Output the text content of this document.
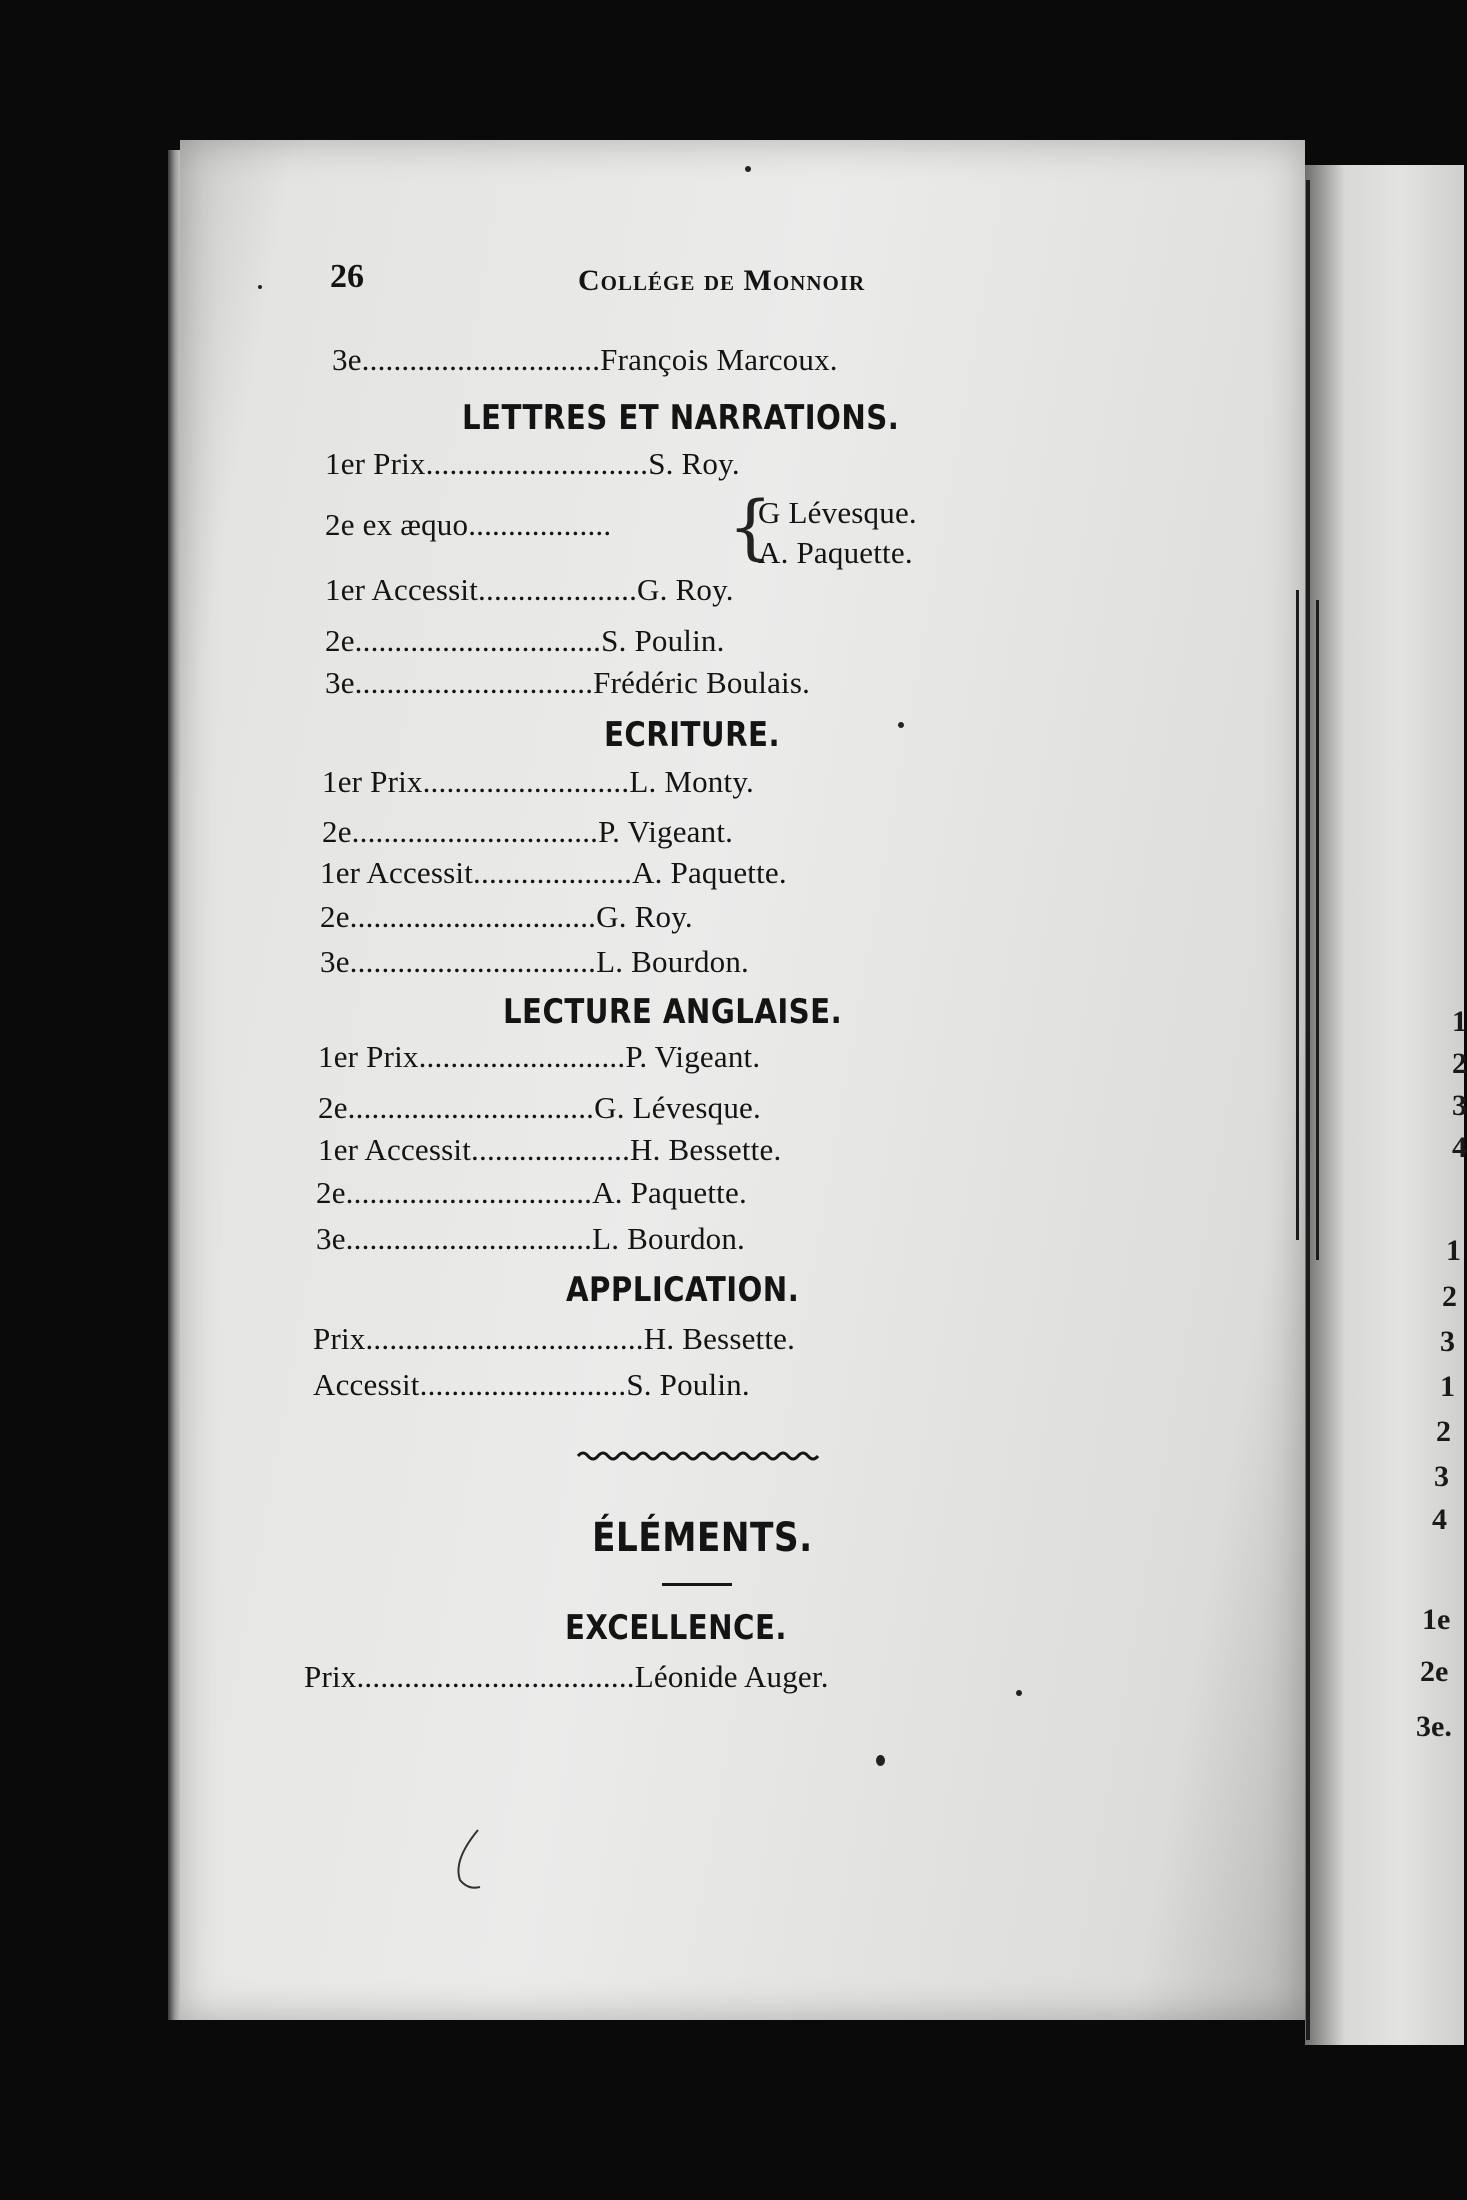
1
2
3
4
1
2
3
1
2
3
4
1e
2e
3e.
26	Collége de Monnoir
3e..............................François Marcoux.
LETTRES ET NARRATIONS.
1er Prix............................S. Roy.
2e ex æquo.................. {
G Lévesque.
A. Paquette.
1er Accessit....................G. Roy.
2e...............................S. Poulin.
3e..............................Frédéric Boulais.
ECRITURE.
1er Prix..........................L. Monty.
2e...............................P. Vigeant.
1er Accessit....................A. Paquette.
2e...............................G. Roy.
3e...............................L. Bourdon.
LECTURE ANGLAISE.
1er Prix..........................P. Vigeant.
2e...............................G. Lévesque.
1er Accessit....................H. Bessette.
2e...............................A. Paquette.
3e...............................L. Bourdon.
APPLICATION.
Prix...................................H. Bessette.
Accessit..........................S. Poulin.
ÉLÉMENTS.
EXCELLENCE.
Prix...................................Léonide Auger.
